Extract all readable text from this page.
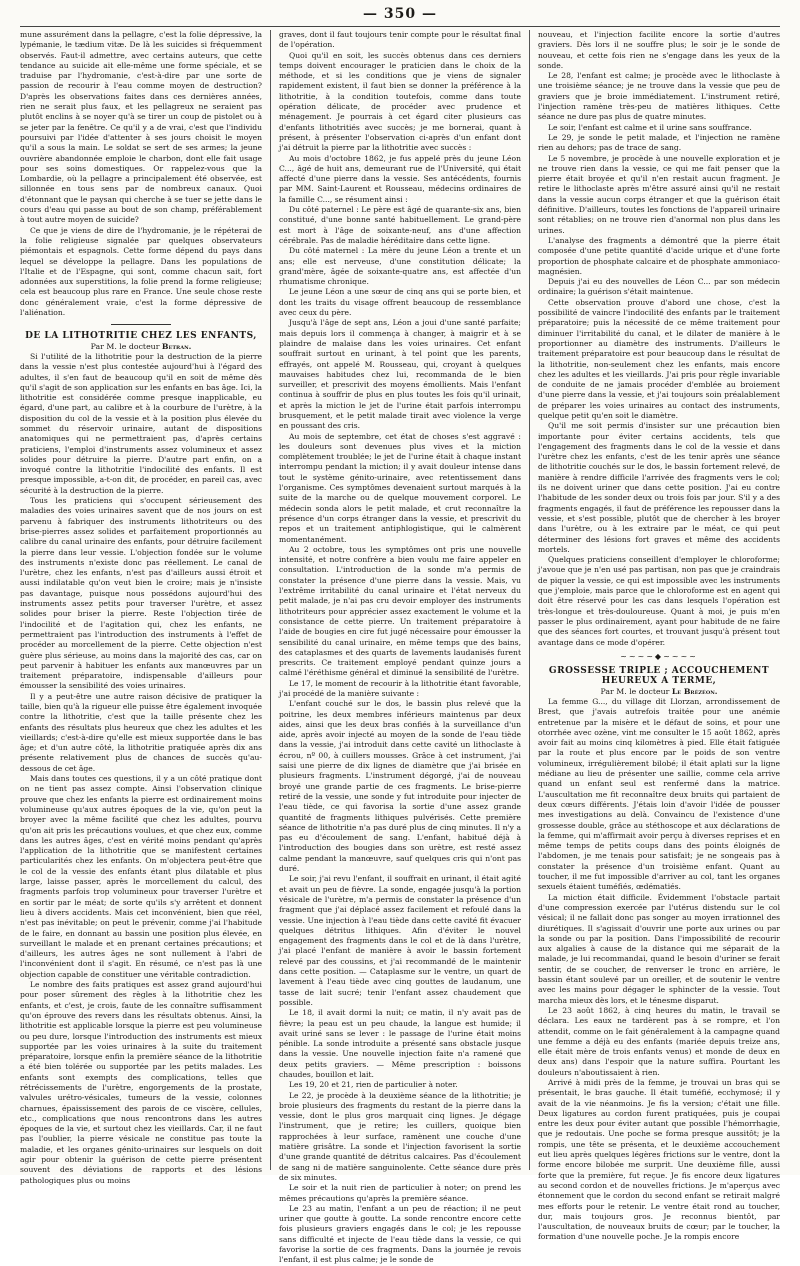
— 350 —

mune assurément dans la pellagre, c'est la folie dépressive, la lypémanie, le tædium vitæ. De là les suicides si fréquemment observés. Faut-il admettre, avec certains auteurs, que cette tendance au suicide ait elle-même une forme spéciale, et se traduise par l'hydromanie, c'est-à-dire par une sorte de passion de recourir à l'eau comme moyen de destruction? D'après les observations faites dans ces dernières années, rien ne serait plus faux, et les pellagreux ne seraient pas plutôt enclins à se noyer qu'à se tirer un coup de pistolet ou à se jeter par la fenêtre. Ce qu'il y a de vrai, c'est que l'individu poursuivi par l'idée d'attenter à ses jours choisit le moyen qu'il a sous la main. Le soldat se sert de ses armes; la jeune ouvrière abandonnée emploie le charbon, dont elle fait usage pour ses soins domestiques. Or rappelez-vous que la Lombardie, où la pellagre a principalement été observée, est sillonnée en tous sens par de nombreux canaux. Quoi d'étonnant que le paysan qui cherche à se tuer se jette dans le cours d'eau qui passe au bout de son champ, préférablement à tout autre moyen de suicide?

Ce que je viens de dire de l'hydromanie, je le répéterai de la folie religieuse signalée par quelques observateurs piémontais et espagnols. Cette forme dépend du pays dans lequel se développe la pellagre. Dans les populations de l'Italie et de l'Espagne, qui sont, comme chacun sait, fort adonnées aux superstitions, la folie prend la forme religieuse; cela est beaucoup plus rare en France. Une seule chose reste donc généralement vraie, c'est la forme dépressive de l'aliénation.

DE LA LITHOTRITIE CHEZ LES ENFANTS,

Par M. le docteur Betran.

Si l'utilité de la lithotritie pour la destruction de la pierre dans la vessie n'est plus contestée aujourd'hui à l'égard des adultes, il s'en faut de beaucoup qu'il en soit de même dès qu'il s'agit de son application sur les enfants en bas âge. Ici, la lithotritie est considérée comme presque inapplicable, eu égard, d'une part, au calibre et à la courbure de l'urètre, à la disposition du col de la vessie et à la position plus élevée du sommet du réservoir urinaire, autant de dispositions anatomiques qui ne permettraient pas, d'après certains praticiens, l'emploi d'instruments assez volumineux et assez solides pour détruire la pierre. D'autre part enfin, on a invoqué contre la lithotritie l'indocilité des enfants. Il est presque impossible, a-t-on dit, de procéder, en pareil cas, avec sécurité à la destruction de la pierre.

Tous les praticiens qui s'occupent sérieusement des maladies des voies urinaires savent que de nos jours on est parvenu à fabriquer des instruments lithotriteurs ou des brise-pierres assez solides et parfaitement proportionnés au calibre du canal urinaire des enfants, pour détruire facilement la pierre dans leur vessie. L'objection fondée sur le volume des instruments n'existe donc pas réellement. Le canal de l'urètre, chez les enfants, n'est pas d'ailleurs aussi étroit et aussi indilatable qu'on veut bien le croire; mais je n'insiste pas davantage, puisque nous possédons aujourd'hui des instruments assez petits pour traverser l'urètre, et assez solides pour briser la pierre. Reste l'objection tirée de l'indocilité et de l'agitation qui, chez les enfants, ne permettraient pas l'introduction des instruments à l'effet de procéder au morcellement de la pierre. Cette objection n'est guère plus sérieuse, au moins dans la majorité des cas, car on peut parvenir à habituer les enfants aux manœuvres par un traitement préparatoire, indispensable d'ailleurs pour émousser la sensibilité des voies urinaires.

Il y a peut-être une autre raison décisive de pratiquer la taille, bien qu'à la rigueur elle puisse être également invoquée contre la lithotritie, c'est que la taille présente chez les enfants des résultats plus heureux que chez les adultes et les vieillards; c'est-à-dire qu'elle est mieux supportée dans le bas âge; et d'un autre côté, la lithotritie pratiquée après dix ans présente relativement plus de chances de succès qu'au-dessous de cet âge.

Mais dans toutes ces questions, il y a un côté pratique dont on ne tient pas assez compte. Ainsi l'observation clinique prouve que chez les enfants la pierre est ordinairement moins volumineuse qu'aux autres époques de la vie, qu'on peut la broyer avec la même facilité que chez les adultes, pourvu qu'on ait pris les précautions voulues, et que chez eux, comme dans les autres âges, c'est en vérité moins pendant qu'après l'application de la lithotritie que se manifestent certaines particularités chez les enfants. On m'objectera peut-être que le col de la vessie des enfants étant plus dilatable et plus large, laisse passer, après le morcellement du calcul, des fragments parfois trop volumineux pour traverser l'urètre et en sortir par le méat; de sorte qu'ils s'y arrêtent et donnent lieu à divers accidents. Mais cet inconvénient, bien que réel, n'est pas inévitable; on peut le prévenir, comme j'ai l'habitude de le faire, en donnant au bassin une position plus élevée, en surveillant le malade et en prenant certaines précautions; et d'ailleurs, les autres âges ne sont nullement à l'abri de l'inconvénient dont il s'agit. En résumé, ce n'est pas là une objection capable de constituer une véritable contradiction.

Le nombre des faits pratiques est assez grand aujourd'hui pour poser sûrement des règles à la lithotritie chez les enfants, et c'est, je crois, faute de les connaître suffisamment qu'on éprouve des revers dans les résultats obtenus. Ainsi, la lithotritie est applicable lorsque la pierre est peu volumineuse ou peu dure, lorsque l'introduction des instruments est mieux supportée par les voies urinaires à la suite du traitement préparatoire, lorsque enfin la première séance de la lithotritie a été bien tolérée ou supportée par les petits malades. Les enfants sont exempts des complications, telles que rétrécissements de l'urètre, engorgements de la prostate, valvules urétro-vésicales, tumeurs de la vessie, colonnes charnues, épaississement des parois de ce viscère, cellules, etc., complications que nous rencontrons dans les autres époques de la vie, et surtout chez les vieillards. Car, il ne faut pas l'oublier, la pierre vésicale ne constitue pas toute la maladie, et les organes génito-urinaires sur lesquels on doit agir pour obtenir la guérison de cette pierre présentent souvent des déviations de rapports et des lésions pathologiques plus ou moins

graves, dont il faut toujours tenir compte pour le résultat final de l'opération.

Quoi qu'il en soit, les succès obtenus dans ces derniers temps doivent encourager le praticien dans le choix de la méthode, et si les conditions que je viens de signaler rapidement existent, il faut bien se donner la préférence à la lithotritie, à la condition toutefois, comme dans toute opération délicate, de procéder avec prudence et ménagement. Je pourrais à cet égard citer plusieurs cas d'enfants lithotritiés avec succès; je me bornerai, quant à présent, à présenter l'observation ci-après d'un enfant dont j'ai détruit la pierre par la lithotritie avec succès :

Au mois d'octobre 1862, je fus appelé près du jeune Léon C..., âgé de huit ans, demeurant rue de l'Université, qui était affecté d'une pierre dans la vessie. Ses antécédents, fournis par MM. Saint-Laurent et Rousseau, médecins ordinaires de la famille C..., se résument ainsi :

Du côté paternel : Le père est âgé de quarante-six ans, bien constitué, d'une bonne santé habituellement. Le grand-père est mort à l'âge de soixante-neuf, ans d'une affection cérébrale. Pas de maladie héréditaire dans cette ligne.

Du côté maternel : La mère du jeune Léon a trente et un ans; elle est nerveuse, d'une constitution délicate; la grand'mère, âgée de soixante-quatre ans, est affectée d'un rhumatisme chronique.

Le jeune Léon a une sœur de cinq ans qui se porte bien, et dont les traits du visage offrent beaucoup de ressemblance avec ceux du père.

Jusqu'à l'âge de sept ans, Léon a joui d'une santé parfaite; mais depuis lors il commença à changer, à maigrir et à se plaindre de malaise dans les voies urinaires. Cet enfant souffrait surtout en urinant, à tel point que les parents, effrayés, ont appelé M. Rousseau, qui, croyant à quelques mauvaises habitudes chez lui, recommanda de le bien surveiller, et prescrivit des moyens émollients. Mais l'enfant continua à souffrir de plus en plus toutes les fois qu'il urinait, et après la miction le jet de l'urine était parfois interrompu brusquement, et le petit malade tirait avec violence la verge en poussant des cris.

Au mois de septembre, cet état de choses s'est aggravé : les douleurs sont devenues plus vives et la miction complètement troublée; le jet de l'urine était à chaque instant interrompu pendant la miction; il y avait douleur intense dans tout le système génito-urinaire, avec retentissement dans l'organisme. Ces symptômes devenaient surtout marqués à la suite de la marche ou de quelque mouvement corporel. Le médecin sonda alors le petit malade, et crut reconnaître la présence d'un corps étranger dans la vessie, et prescrivit du repos et un traitement antiphlogistique, qui le calmèrent momentanément.

Au 2 octobre, tous les symptômes ont pris une nouvelle intensité, et notre confrère a bien voulu me faire appeler en consultation. L'introduction de la sonde m'a permis de constater la présence d'une pierre dans la vessie. Mais, vu l'extrême irritabilité du canal urinaire et l'état nerveux du petit malade, je n'ai pas cru devoir employer des instruments lithotriteurs pour apprécier assez exactement le volume et la consistance de cette pierre. Un traitement préparatoire à l'aide de bougies en cire fut jugé nécessaire pour émousser la sensibilité du canal urinaire, en même temps que des bains, des cataplasmes et des quarts de lavements laudanisés furent prescrits. Ce traitement employé pendant quinze jours a calmé l'éréthisme général et diminué la sensibilité de l'urètre.

Le 17, le moment de recourir à la lithotritie étant favorable, j'ai procédé de la manière suivante :

L'enfant couché sur le dos, le bassin plus relevé que la poitrine, les deux membres inférieurs maintenus par deux aides, ainsi que les deux bras confiés à la surveillance d'un aide, après avoir injecté au moyen de la sonde de l'eau tiède dans la vessie, j'ai introduit dans cette cavité un lithoclaste à écrou, nº 00, à cuillers mousses. Grâce à cet instrument, j'ai saisi une pierre de dix lignes de diamètre que j'ai brisée en plusieurs fragments. L'instrument dégorgé, j'ai de nouveau broyé une grande partie de ces fragments. Le brise-pierre retiré de la vessie, une sonde y fut introduite pour injecter de l'eau tiède, ce qui favorisa la sortie d'une assez grande quantité de fragments lithiques pulvérisés. Cette première séance de lithotritie n'a pas duré plus de cinq minutes. Il n'y a pas eu d'écoulement de sang. L'enfant, habitué déjà à l'introduction des bougies dans son urètre, est resté assez calme pendant la manœuvre, sauf quelques cris qui n'ont pas duré.

Le soir, j'ai revu l'enfant, il souffrait en urinant, il était agité et avait un peu de fièvre. La sonde, engagée jusqu'à la portion vésicale de l'urètre, m'a permis de constater la présence d'un fragment que j'ai déplacé assez facilement et refoulé dans la vessie. Une injection à l'eau tiède dans cette cavité fit évacuer quelques détritus lithiques. Afin d'éviter le nouvel engagement des fragments dans le col et de là dans l'urètre, j'ai placé l'enfant de manière à avoir le bassin fortement relevé par des coussins, et j'ai recommandé de le maintenir dans cette position. — Cataplasme sur le ventre, un quart de lavement à l'eau tiède avec cinq gouttes de laudanum, une tasse de lait sucré; tenir l'enfant assez chaudement que possible.

Le 18, il avait dormi la nuit; ce matin, il n'y avait pas de fièvre; la peau est un peu chaude, la langue est humide; il avait uriné sans se lever : le passage de l'urine était moins pénible. La sonde introduite a présenté sans obstacle jusque dans la vessie. Une nouvelle injection faite n'a ramené que deux petits graviers. — Même prescription : boissons chaudes, bouillon et lait.

Les 19, 20 et 21, rien de particulier à noter.

Le 22, je procède à la deuxième séance de la lithotritie; je broie plusieurs des fragments du restant de la pierre dans la vessie, dont le plus gros marquait cinq lignes. Je dégage l'instrument, que je retire; les cuillers, quoique bien rapprochées à leur surface, ramènent une couche d'une matière grisâtre. La sonde et l'injection favorisent la sortie d'une grande quantité de détritus calcaires. Pas d'écoulement de sang ni de matière sanguinolente. Cette séance dure près de six minutes.

Le soir et la nuit rien de particulier à noter; on prend les mêmes précautions qu'après la première séance.

Le 23 au matin, l'enfant a un peu de réaction; il ne peut uriner que goutte à goutte. La sonde rencontre encore cette fois plusieurs graviers engagés dans le col; je les repousse sans difficulté et injecte de l'eau tiède dans la vessie, ce qui favorise la sortie de ces fragments. Dans la journée je revois l'enfant, il est plus calme; je le sonde de

nouveau, et l'injection facilite encore la sortie d'autres graviers. Dès lors il ne souffre plus; le soir je le sonde de nouveau, et cette fois rien ne s'engage dans les yeux de la sonde.

Le 28, l'enfant est calme; je procède avec le lithoclaste à une troisième séance; je ne trouve dans la vessie que peu de graviers que je broie immédiatement. L'instrument retiré, l'injection ramène très-peu de matières lithiques. Cette séance ne dure pas plus de quatre minutes.

Le soir, l'enfant est calme et il urine sans souffrance.

Le 29, je sonde le petit malade, et l'injection ne ramène rien au dehors; pas de trace de sang.

Le 5 novembre, je procède à une nouvelle exploration et je ne trouve rien dans la vessie, ce qui me fait penser que la pierre était broyée et qu'il n'en restait aucun fragment. Je retire le lithoclaste après m'être assuré ainsi qu'il ne restait dans la vessie aucun corps étranger et que la guérison était définitive. D'ailleurs, toutes les fonctions de l'appareil urinaire sont rétablies; on ne trouve rien d'anormal non plus dans les urines.

L'analyse des fragments a démontré que la pierre était composée d'une petite quantité d'acide urique et d'une forte proportion de phosphate calcaire et de phosphate ammoniaco-magnésien.

Depuis j'ai eu des nouvelles de Léon C... par son médecin ordinaire; la guérison s'était maintenue.

Cette observation prouve d'abord une chose, c'est la possibilité de vaincre l'indocilité des enfants par le traitement préparatoire; puis la nécessité de ce même traitement pour diminuer l'irritabilité du canal, et le dilater de manière à le proportionner au diamètre des instruments. D'ailleurs le traitement préparatoire est pour beaucoup dans le résultat de la lithotritie, non-seulement chez les enfants, mais encore chez les adultes et les vieillards. J'ai pris pour règle invariable de conduite de ne jamais procéder d'emblée au broiement d'une pierre dans la vessie, et j'ai toujours soin préalablement de préparer les voies urinaires au contact des instruments, quelque petit qu'en soit le diamètre.

Qu'il me soit permis d'insister sur une précaution bien importante pour éviter certains accidents, tels que l'engagement des fragments dans le col de la vessie et dans l'urètre chez les enfants, c'est de les tenir après une séance de lithotritie couchés sur le dos, le bassin fortement relevé, de manière à rendre difficile l'arrivée des fragments vers le col; ils ne doivent uriner que dans cette position. J'ai eu contre l'habitude de les sonder deux ou trois fois par jour. S'il y a des fragments engagés, il faut de préférence les repousser dans la vessie, et s'est possible, plutôt que de chercher à les broyer dans l'urètre, ou à les extraire par le méat, ce qui peut déterminer des lésions fort graves et même des accidents mortels.

Quelques praticiens conseillent d'employer le chloroforme; j'avoue que je n'en usé pas partisan, non pas que je craindrais de piquer la vessie, ce qui est impossible avec les instruments que j'emploie, mais parce que le chloroforme est en agent qui doit être réservé pour les cas dans lesquels l'opération est très-longue et très-douloureuse. Quant à moi, je puis m'en passer le plus ordinairement, ayant pour habitude de ne faire que des séances fort courtes, et trouvant jusqu'à présent tout avantage dans ce mode d'opérer.

~~~~◆~~~~

GROSSESSE TRIPLE ; ACCOUCHEMENT HEUREUX A TERME,

Par M. le docteur Le Brézéon.

La femme G..., du village dit Llorzan, arrondissement de Brest, que j'avais autrefois traitée pour une anémie entretenue par la misère et le défaut de soins, et pour une otorrhée avec ozène, vint me consulter le 15 août 1862, après avoir fait au moins cinq kilomètres à pied. Elle était fatiguée par la route et plus encore par le poids de son ventre volumineux, irrégulièrement bilobé; il était aplati sur la ligne médiane au lieu de présenter une saillie, comme cela arrive quand un enfant seul est renfermé dans la matrice. L'auscultation me fit reconnaître deux bruits qui partaient de deux cœurs différents. J'étais loin d'avoir l'idée de pousser mes investigations au delà. Convaincu de l'existence d'une grossesse double, grâce au stéthoscope et aux déclarations de la femme, qui m'affirmait avoir perçu à diverses reprises et en même temps de petits coups dans des points éloignés de l'abdomen, je me tenais pour satisfait; je ne songeais pas à constater la présence d'un troisième enfant. Quant au toucher, il me fut impossible d'arriver au col, tant les organes sexuels étaient tuméfiés, œdématiés.

La miction était difficile. Évidemment l'obstacle partait d'une compression exercée par l'utérus distendu sur le col vésical; il ne fallait donc pas songer au moyen irrationnel des diurétiques. Il s'agissait d'ouvrir une porte aux urines ou par la sonde ou par la position. Dans l'impossibilité de recourir aux algalies à cause de la distance qui me séparait de la malade, je lui recommandai, quand le besoin d'uriner se ferait sentir, de se coucher, de renverser le tronc en arrière, le bassin étant soulevé par un oreiller, et de soutenir le ventre avec les mains pour dégager le sphincter de la vessie. Tout marcha mieux dès lors, et le ténesme disparut.

Le 23 août 1862, à cinq heures du matin, le travail se déclara. Les eaux ne tardèrent pas à se rompre, et l'on attendit, comme on le fait généralement à la campagne quand une femme a déjà eu des enfants (mariée depuis treize ans, elle était mère de trois enfants venus) et monde de deux en deux ans) dans l'espoir que la nature suffira. Pourtant les douleurs n'aboutissaient à rien.

Arrivé à midi près de la femme, je trouvai un bras qui se présentait, le bras gauche. Il était tuméfié, ecchymosé; il y avait de la vie néanmoins. Je fis la version; c'était une fille. Deux ligatures au cordon furent pratiquées, puis je coupai entre les deux pour éviter autant que possible l'hémorrhagie, que je redoutais. Une poche se forma presque aussitôt; je la rompis, une tête se présenta, et le deuxième accouchement eut lieu après quelques légères frictions sur le ventre, dont la forme encore bilobée me surprit. Une deuxième fille, aussi forte que la première, fut reçue. Je fis encore deux ligatures au second cordon et de nouvelles frictions. Je m'aperçus avec étonnement que le cordon du second enfant se retirait malgré mes efforts pour le retenir. Le ventre était rond au toucher, dur, mais toujours gros. Je reconnus bientôt, par l'auscultation, de nouveaux bruits de cœur; par le toucher, la formation d'une nouvelle poche. Je la rompis encore
